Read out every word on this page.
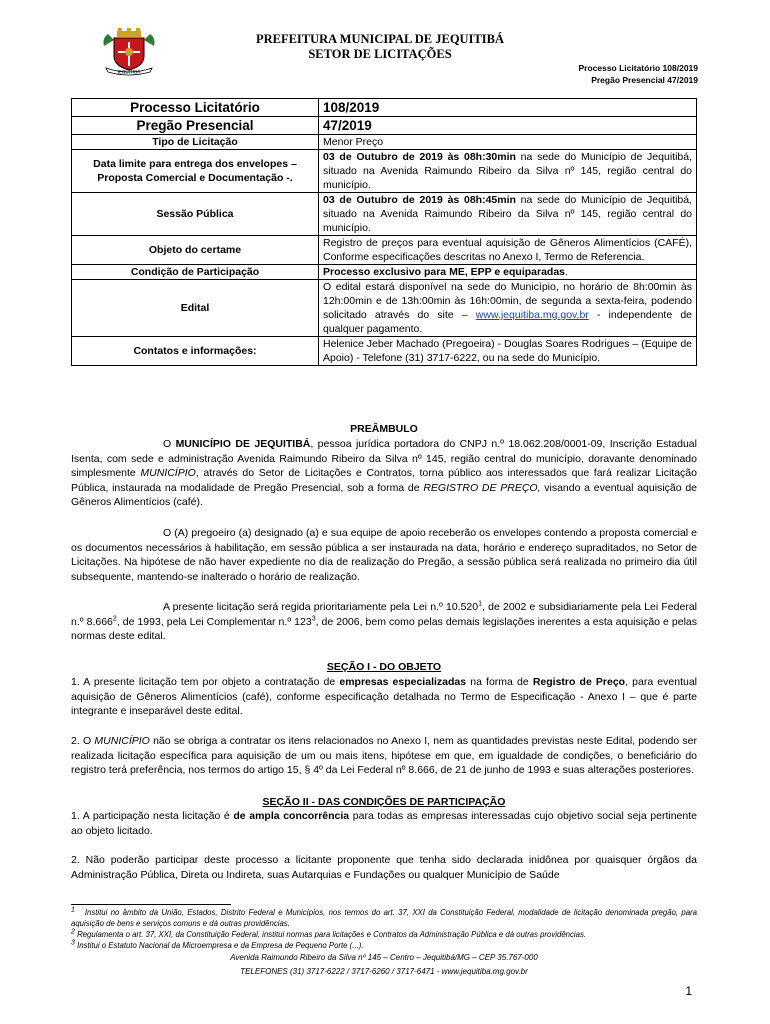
JEQUITIBÁ
PREFEITURA MUNICIPAL DE JEQUITIBÁ
SETOR DE LICITAÇÕES
Processo Licitatório 108/2019
Pregão Presencial 47/2019
Processo Licitatório	108/2019
Pregão Presencial	47/2019
Tipo de Licitação	Menor Preço
Data limite para entrega dos envelopes – Proposta Comercial e Documentação -.	03 de Outubro de 2019 às 08h:30min na sede do Município de Jequitibá, situado na Avenida Raimundo Ribeiro da Silva nº 145, região central do município.
Sessão Pública	03 de Outubro de 2019 às 08h:45min na sede do Município de Jequitibá, situado na Avenida Raimundo Ribeiro da Silva nº 145, região central do município.
Objeto do certame	Registro de preços para eventual aquisição de Gêneros Alimentícios (CAFÉ), Conforme especificações descritas no Anexo I, Termo de Referencia.
Condição de Participação	Processo exclusivo para ME, EPP e equiparadas.
Edital	O edital estará disponível na sede do Município, no horário de 8h:00min às 12h:00min e de 13h:00min às 16h:00min, de segunda a sexta-feira, podendo solicitado através do site – www.jequitiba.mg.gov.br - independente de qualquer pagamento.
Contatos e informações:	Helenice Jeber Machado (Pregoeira) - Douglas Soares Rodrigues – (Equipe de Apoio) - Telefone (31) 3717-6222, ou na sede do Município.
PREÂMBULO
O MUNICÍPIO DE JEQUITIBÁ, pessoa jurídica portadora do CNPJ n.º 18.062.208/0001-09, Inscrição Estadual Isenta, com sede e administração Avenida Raimundo Ribeiro da Silva nº 145, região central do município, doravante denominado simplesmente MUNICÍPIO, através do Setor de Licitações e Contratos, torna público aos interessados que fará realizar Licitação Pública, instaurada na modalidade de Pregão Presencial, sob a forma de REGISTRO DE PREÇO, visando a eventual aquisição de Gêneros Alimentícios (café).
O (A) pregoeiro (a) designado (a) e sua equipe de apoio receberão os envelopes contendo a proposta comercial e os documentos necessários à habilitação, em sessão pública a ser instaurada na data, horário e endereço supraditados, no Setor de Licitações. Na hipótese de não haver expediente no dia de realização do Pregão, a sessão pública será realizada no primeiro dia útil subsequente, mantendo-se inalterado o horário de realização.
A presente licitação será regida prioritariamente pela Lei n.º 10.520$^1$, de 2002 e subsidiariamente pela Lei Federal n.º 8.666$^2$, de 1993, pela Lei Complementar n.º $123^3$, de 2006, bem como pelas demais legislações inerentes a esta aquisição e pelas normas deste edital.
SEÇÃO I - DO OBJETO
1. A presente licitação tem por objeto a contratação de empresas especializadas na forma de Registro de Preço, para eventual aquisição de Gêneros Alimentícios (café), conforme especificação detalhada no Termo de Especificação - Anexo I – que é parte integrante e inseparável deste edital.
2. O MUNICÍPIO não se obriga a contratar os itens relacionados no Anexo I, nem as quantidades previstas neste Edital, podendo ser realizada licitação específica para aquisição de um ou mais itens, hipótese em que, em igualdade de condições, o beneficiário do registro terá preferência, nos termos do artigo 15, § 4º da Lei Federal nº 8.666, de 21 de junho de 1993 e suas alterações posteriores.
SEÇÃO II - DAS CONDIÇÕES DE PARTICIPAÇÃO
1. A participação nesta licitação é de ampla concorrência para todas as empresas interessadas cujo objetivo social seja pertinente ao objeto licitado.
2. Não poderão participar deste processo a licitante proponente que tenha sido declarada inidônea por quaisquer órgãos da Administração Pública, Direta ou Indireta, suas Autarquias e Fundações ou qualquer Município de Saúde
$^1$ Institui no âmbito da União, Estados, Distrito Federal e Municípios, nos termos do art. 37, XXI da Constituição Federal, modalidade de licitação denominada pregão, para aquisição de bens e serviços comuns e dá outras providências.
$^2$ Regulamenta o art. 37, XXI, da Constituição Federal, institui normas para licitações e Contratos da Administração Pública e dá outras providências.
$^3$ Institui o Estatuto Nacional da Microempresa e da Empresa de Pequeno Porte (...).
Avenida Raimundo Ribeiro da Silva nº 145 – Centro – Jequitibá/MG – CEP 35.767-000
TELEFONES (31) 3717-6222 / 3717-6260 / 3717-6471 - www.jequitiba.mg.gov.br
1
